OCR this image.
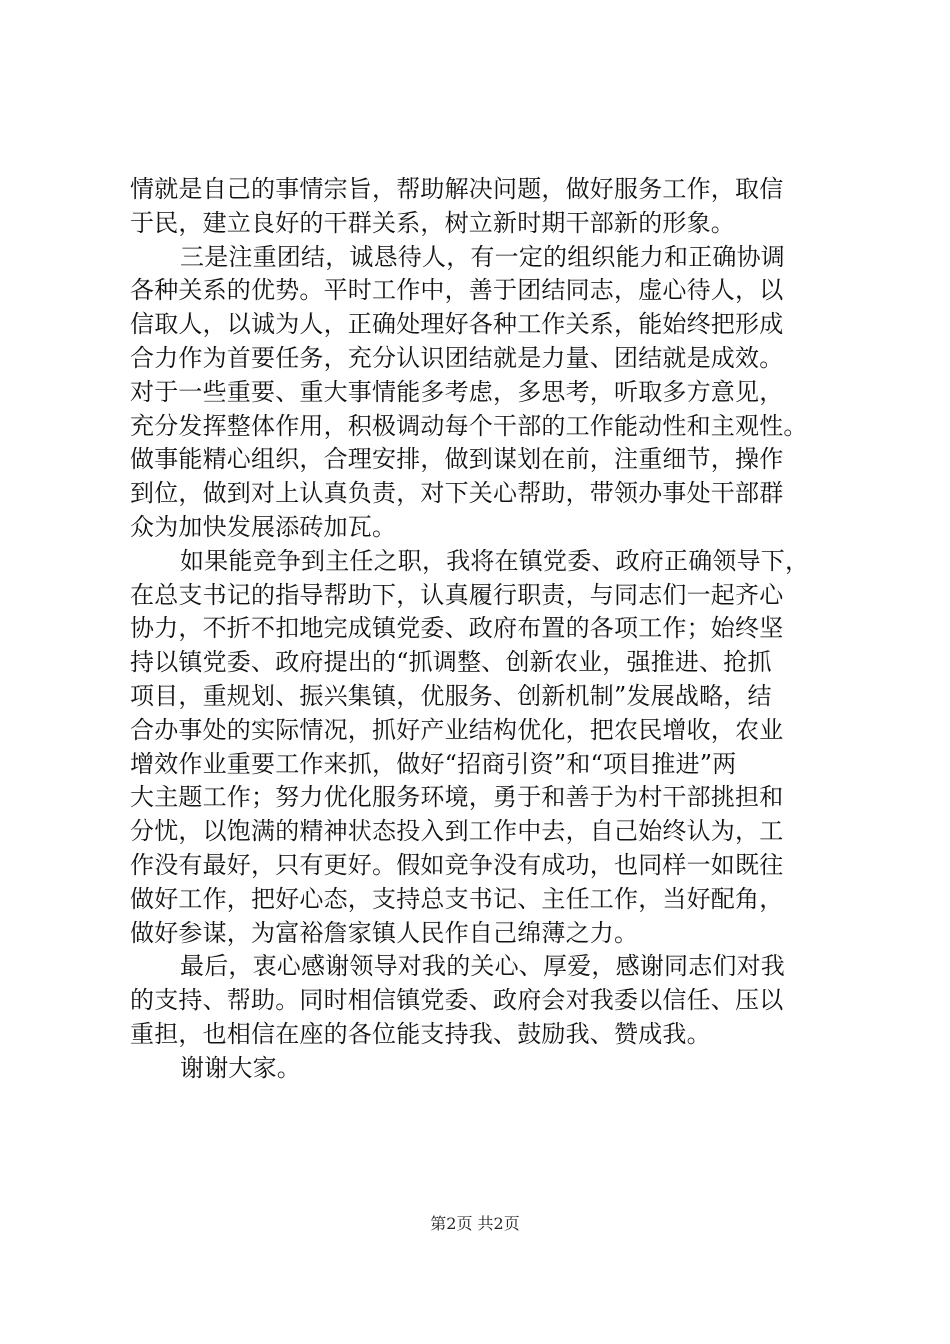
情就是自己的事情宗旨，帮助解决问题，做好服务工作，取信
于民，建立良好的干群关系，树立新时期干部新的形象。
三是注重团结，诚恳待人，有一定的组织能力和正确协调
各种关系的优势。平时工作中，善于团结同志，虚心待人，以
信取人，以诚为人，正确处理好各种工作关系，能始终把形成
合力作为首要任务，充分认识团结就是力量、团结就是成效。
对于一些重要、重大事情能多考虑，多思考，听取多方意见，
充分发挥整体作用，积极调动每个干部的工作能动性和主观性。
做事能精心组织，合理安排，做到谋划在前，注重细节，操作
到位，做到对上认真负责，对下关心帮助，带领办事处干部群
众为加快发展添砖加瓦。
如果能竞争到主任之职，我将在镇党委、政府正确领导下，
在总支书记的指导帮助下，认真履行职责，与同志们一起齐心
协力，不折不扣地完成镇党委、政府布置的各项工作；始终坚
持以镇党委、政府提出的“抓调整、创新农业，强推进、抢抓
项目，重规划、振兴集镇，优服务、创新机制”发展战略，结
合办事处的实际情况，抓好产业结构优化，把农民增收，农业
增效作业重要工作来抓，做好“招商引资”和“项目推进”两
大主题工作；努力优化服务环境，勇于和善于为村干部挑担和
分忧，以饱满的精神状态投入到工作中去，自己始终认为，工
作没有最好，只有更好。假如竞争没有成功，也同样一如既往
做好工作，把好心态，支持总支书记、主任工作，当好配角，
做好参谋，为富裕詹家镇人民作自己绵薄之力。
最后，衷心感谢领导对我的关心、厚爱，感谢同志们对我
的支持、帮助。同时相信镇党委、政府会对我委以信任、压以
重担，也相信在座的各位能支持我、鼓励我、赞成我。
谢谢大家。
第2页 共2页
